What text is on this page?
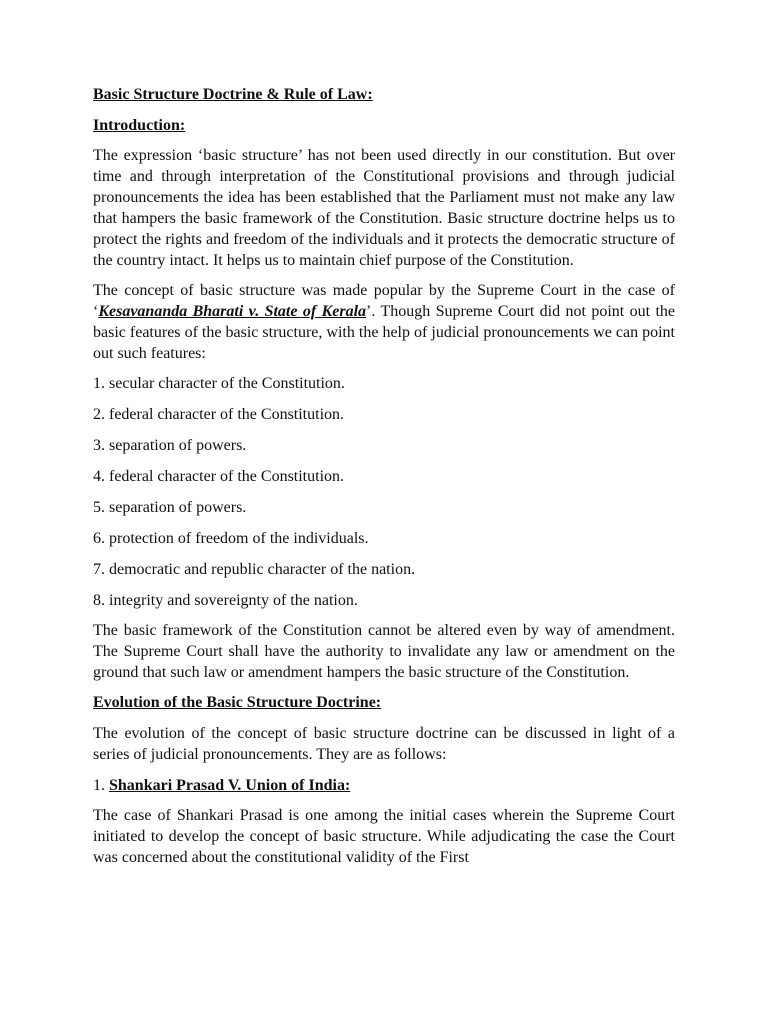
Basic Structure Doctrine & Rule of Law:
Introduction:

The expression ‘basic structure’ has not been used directly in our constitution. But over time and through interpretation of the Constitutional provisions and through judicial pronouncements the idea has been established that the Parliament must not make any law that hampers the basic framework of the Constitution. Basic structure doctrine helps us to protect the rights and freedom of the individuals and it protects the democratic structure of the country intact. It helps us to maintain chief purpose of the Constitution.

The concept of basic structure was made popular by the Supreme Court in the case of ‘Kesavananda Bharati v. State of Kerala’. Though Supreme Court did not point out the basic features of the basic structure, with the help of judicial pronouncements we can point out such features:

1. secular character of the Constitution.
2. federal character of the Constitution.
3. separation of powers.
4. federal character of the Constitution.
5. separation of powers.
6. protection of freedom of the individuals.
7. democratic and republic character of the nation.
8. integrity and sovereignty of the nation.

The basic framework of the Constitution cannot be altered even by way of amendment. The Supreme Court shall have the authority to invalidate any law or amendment on the ground that such law or amendment hampers the basic structure of the Constitution.

Evolution of the Basic Structure Doctrine:

The evolution of the concept of basic structure doctrine can be discussed in light of a series of judicial pronouncements. They are as follows:

1. Shankari Prasad V. Union of India:

The case of Shankari Prasad is one among the initial cases wherein the Supreme Court initiated to develop the concept of basic structure. While adjudicating the case the Court was concerned about the constitutional validity of the First
